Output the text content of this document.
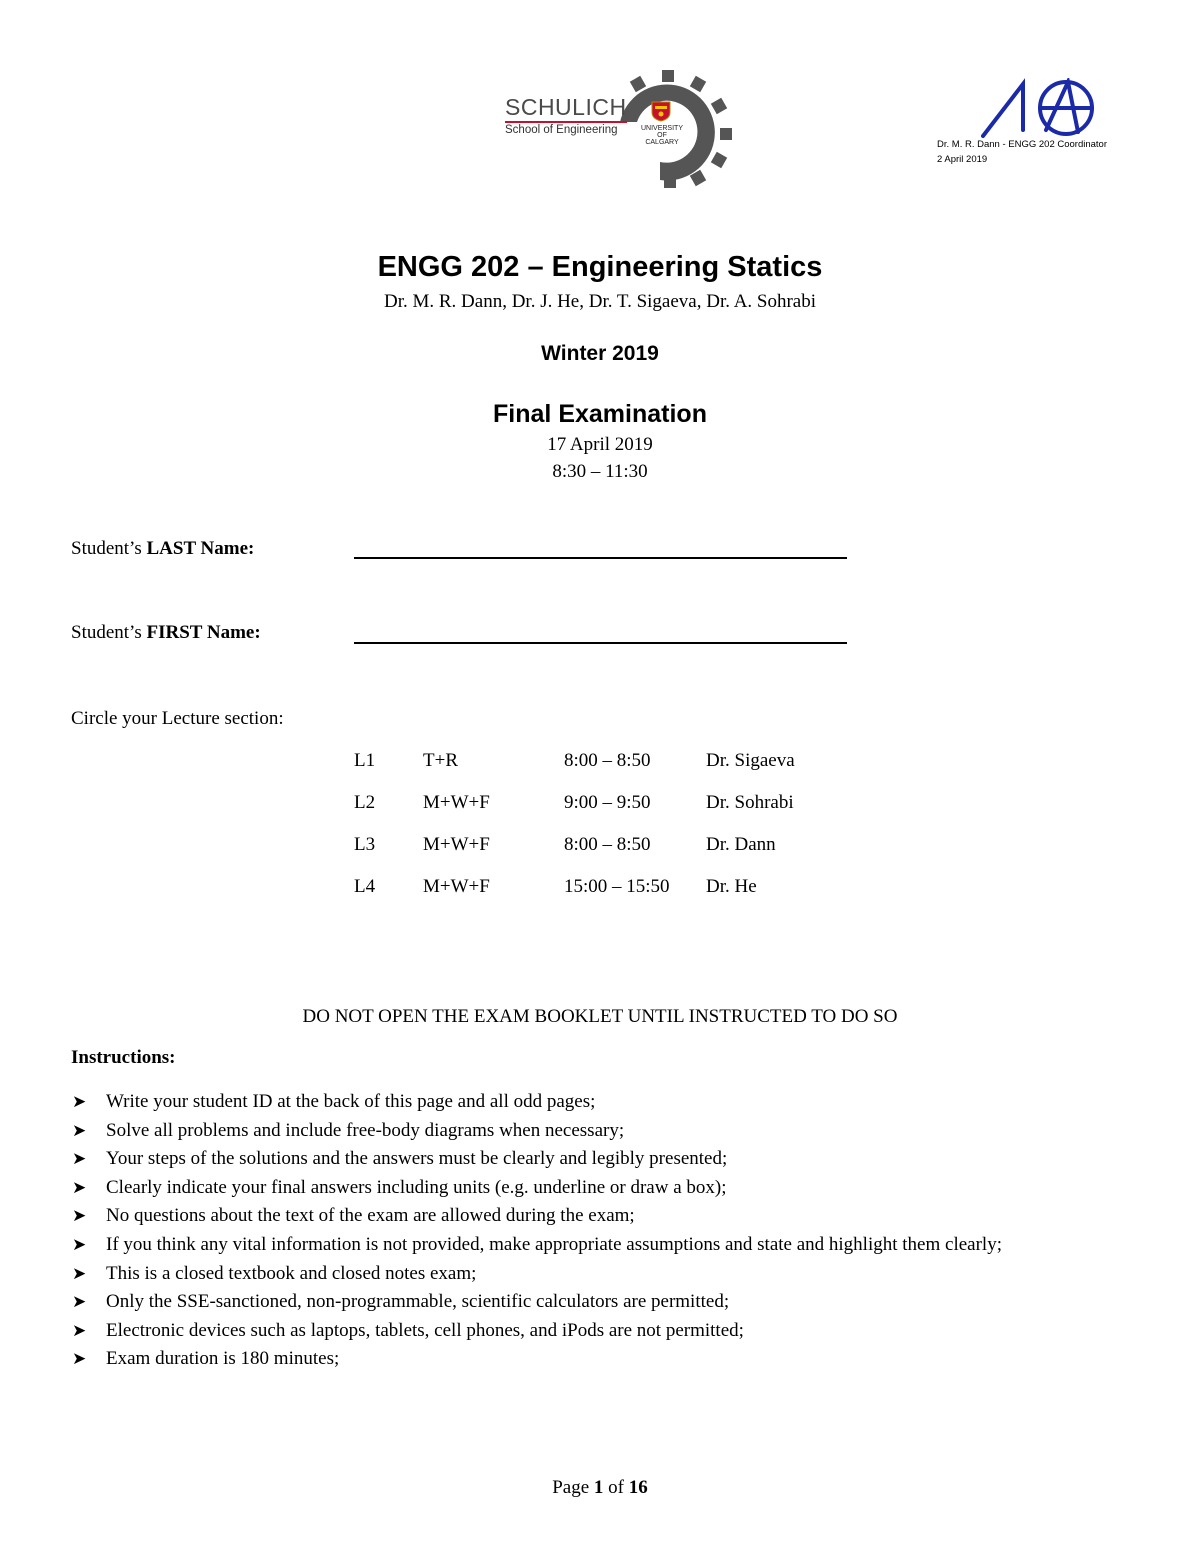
SCHULICH
School of Engineering	UNIVERSITY OF CALGARY	Dr. M. R. Dann - ENGG 202 Coordinator
2 April 2019
ENGG 202 – Engineering Statics
Dr. M. R. Dann, Dr. J. He, Dr. T. Sigaeva, Dr. A. Sohrabi
Winter 2019
Final Examination
17 April 2019
8:30 – 11:30
Student’s LAST Name:
Student’s FIRST Name:
Circle your Lecture section:
L1	T+R	8:00 – 8:50	Dr. Sigaeva
L2	M+W+F	9:00 – 9:50	Dr. Sohrabi
L3	M+W+F	8:00 – 8:50	Dr. Dann
L4	M+W+F	15:00 – 15:50 Dr. He
DO NOT OPEN THE EXAM BOOKLET UNTIL INSTRUCTED TO DO SO
Instructions:
➤ Write your student ID at the back of this page and all odd pages;
➤ Solve all problems and include free-body diagrams when necessary;
➤ Your steps of the solutions and the answers must be clearly and legibly presented;
➤ Clearly indicate your final answers including units (e.g. underline or draw a box);
➤ No questions about the text of the exam are allowed during the exam;
➤ If you think any vital information is not provided, make appropriate assumptions and state and highlight them clearly;
➤ This is a closed textbook and closed notes exam;
➤ Only the SSE-sanctioned, non-programmable, scientific calculators are permitted;
➤ Electronic devices such as laptops, tablets, cell phones, and iPods are not permitted;
➤ Exam duration is 180 minutes;
Page 1 of 16
